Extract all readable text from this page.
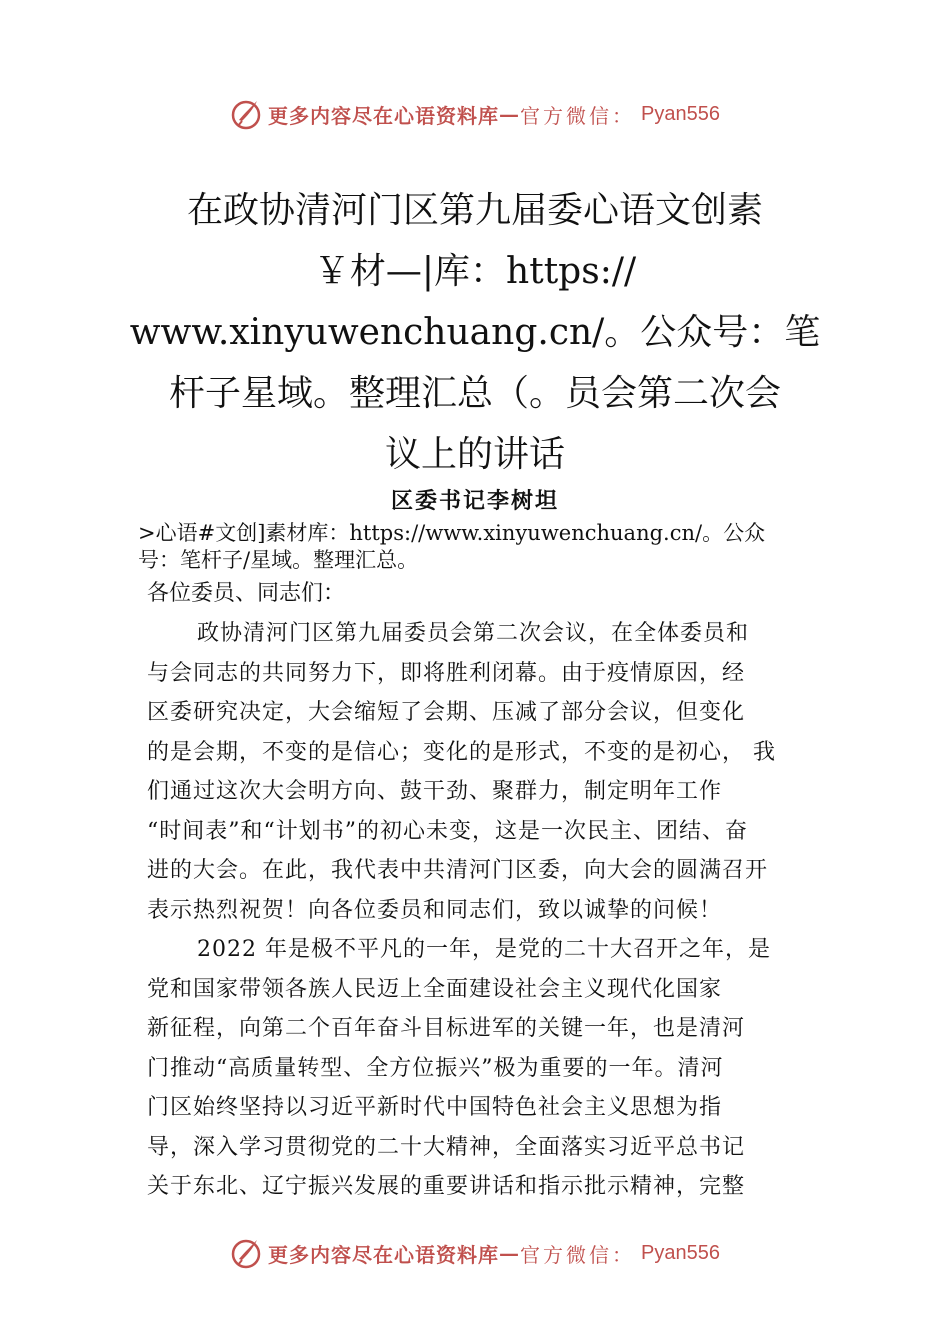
更多内容尽在心语资料库 — 官方微信： Pyan556
在政协清河门区第九届委心语文创素
￥材—|库：https://
www.xinyuwenchuang.cn/。公众号：笔
杆子星域。整理汇总（。员会第二次会
议上的讲话
区委书记李树坦
>心语#文创]素材库：https://www.xinyuwenchuang.cn/。公众
号：笔杆子/星域。整理汇总。
各位委员、同志们：
政协清河门区第九届委员会第二次会议，在全体委员和
与会同志的共同努力下，即将胜利闭幕。由于疫情原因，经
区委研究决定，大会缩短了会期、压减了部分会议，但变化
的是会期，不变的是信心；变化的是形式，不变的是初心， 我
们通过这次大会明方向、鼓干劲、聚群力，制定明年工作
“时间表”和“计划书”的初心未变，这是一次民主、团结、奋
进的大会。在此，我代表中共清河门区委，向大会的圆满召开
表示热烈祝贺！向各位委员和同志们，致以诚挚的问候！
2022 年是极不平凡的一年，是党的二十大召开之年，是
党和国家带领各族人民迈上全面建设社会主义现代化国家
新征程，向第二个百年奋斗目标进军的关键一年，也是清河
门推动“高质量转型、全方位振兴”极为重要的一年。清河
门区始终坚持以习近平新时代中国特色社会主义思想为指
导，深入学习贯彻党的二十大精神，全面落实习近平总书记
关于东北、辽宁振兴发展的重要讲话和指示批示精神，完整
更多内容尽在心语资料库 — 官方微信： Pyan556
